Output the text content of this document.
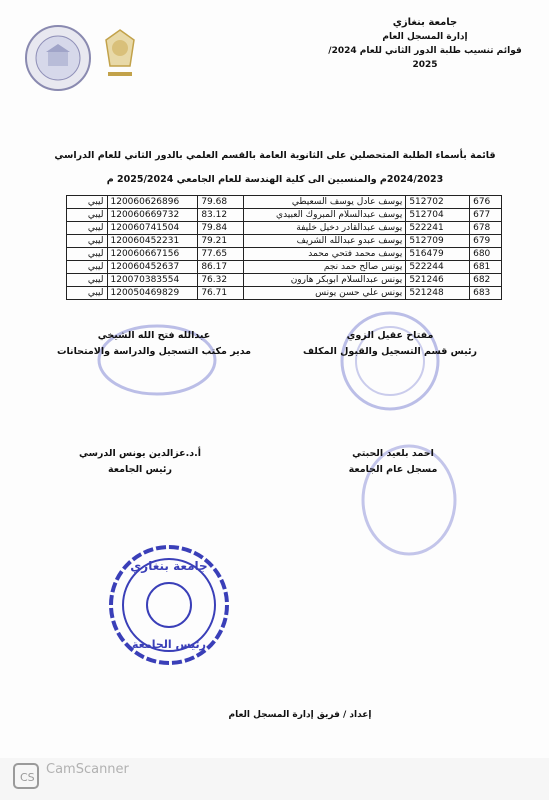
جامعة بنغازي
إدارة المسجل العام
قوائم تنسيب طلبة الدور الثاني للعام 2024/ 2025
قائمة بأسماء الطلبة المتحصلين على الثانوية العامة بالقسم العلمي بالدور الثاني للعام الدراسي
2024/2023م والمنسبين الى كلية الهندسة للعام الجامعي 2025/2024 م
676	512702	يوسف عادل يوسف السعيطي	79.68	120060626896	ليبي
677	512704	يوسف عبدالسلام المبروك العبيدي	83.12	120060669732	ليبي
678	522241	يوسف عبدالقادر دخيل خليفة	79.84	120060741504	ليبي
679	512709	يوسف عبدو عبدالله الشريف	79.21	120060452231	ليبي
680	516479	يوسف محمد فتحي محمد	77.65	120060667156	ليبي
681	522244	يونس صالح حمد نجم	86.17	120060452637	ليبي
682	521246	يونس عبدالسلام ابوبكر هارون	76.32	120070383554	ليبي
683	521248	يونس علي حسن يونس	76.71	120050469829	ليبي
عبدالله فتح الله الشيخي
مدير مكتب التسجيل والدراسة والامتحانات
مفتاح عقيل الزوي
رئيس قسم التسجيل والقبول المكلف
أ.د.عزالدين يونس الدرسي
رئيس الجامعة
احمد بلعيد الحبتي
مسجل عام الجامعة
جامعة بنغازي
رئيس الجامعة
إعداد / فريق إدارة المسجل العام
CS
CamScanner
